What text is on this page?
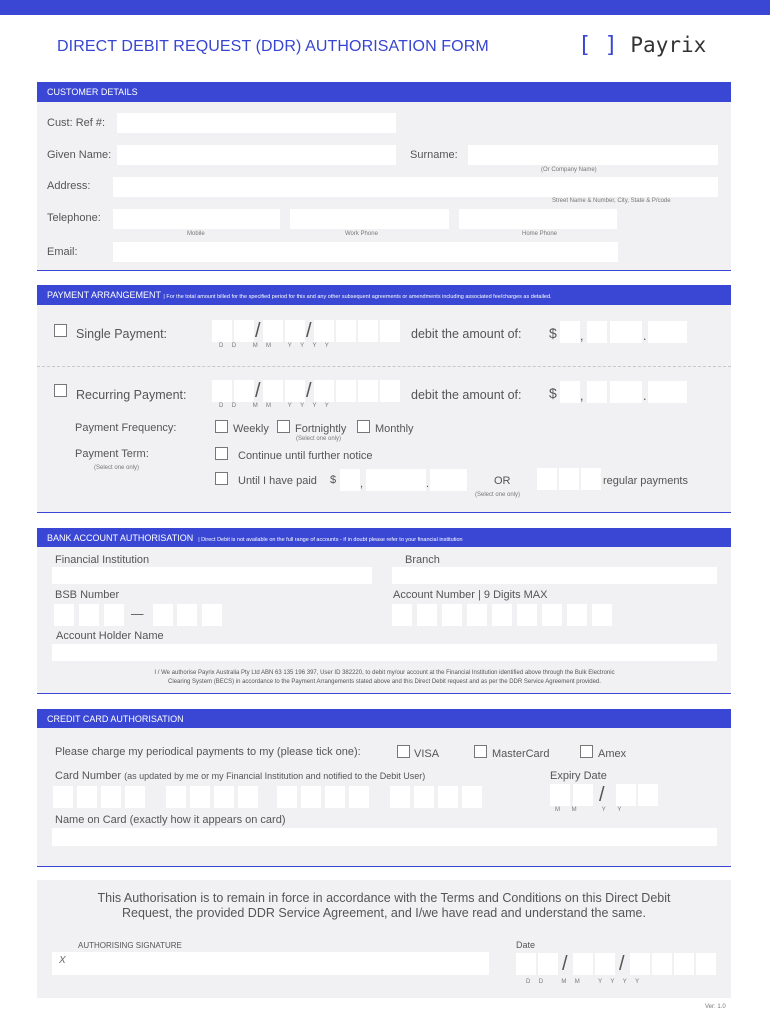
DIRECT DEBIT REQUEST (DDR) AUTHORISATION FORM	[ ] Payrix
CUSTOMER DETAILS
Cust: Ref #:
Given Name:	Surname:
(Or Company Name)
Address:
Street Name & Number, City, State & P/code
Telephone:
Mobile	Work Phone	Home Phone
Email:
PAYMENT ARRANGEMENT | For the total amount billed for the specified period for this and any other subsequent agreements or amendments including associated fee/charges as detailed.
Single Payment:	/ /
D D	M M	Y Y Y Y
debit the amount of: $ ,	.
Recurring Payment:	/ /
D D	M M	Y Y Y Y
debit the amount of: $ ,	.
Payment Frequency:	Weekly Fortnightly	Monthly
(Select one only)
Payment Term:
(Select one only)
Continue until further notice
Until I have paid $ ,	.	OR
(Select one only)
regular payments
BANK ACCOUNT AUTHORISATION | Direct Debit is not available on the full range of accounts - if in doubt please refer to your financial institution
Financial Institution	Branch
BSB Number
—
Account Number | 9 Digits MAX
Account Holder Name
I / We authorise Payrix Australia Pty Ltd ABN 63 135 196 397, User ID 382220, to debit my/our account at the Financial Institution identified above through the Bulk Electronic
Clearing System (BECS) in accordance to the Payment Arrangements stated above and this Direct Debit request and as per the DDR Service Agreement provided.
CREDIT CARD AUTHORISATION
Please charge my periodical payments to my (please tick one):	VISA	MasterCard	Amex
Card Number (as updated by me or my Financial Institution and notified to the Debit User)	Expiry Date
/
M M	Y Y
Name on Card (exactly how it appears on card)
This Authorisation is to remain in force in accordance with the Terms and Conditions on this Direct Debit
Request, the provided DDR Service Agreement, and I/we have read and understand the same.
AUTHORISING SIGNATURE
X
Date
/	/
D D	M M	Y Y Y Y
Ver: 1.0
